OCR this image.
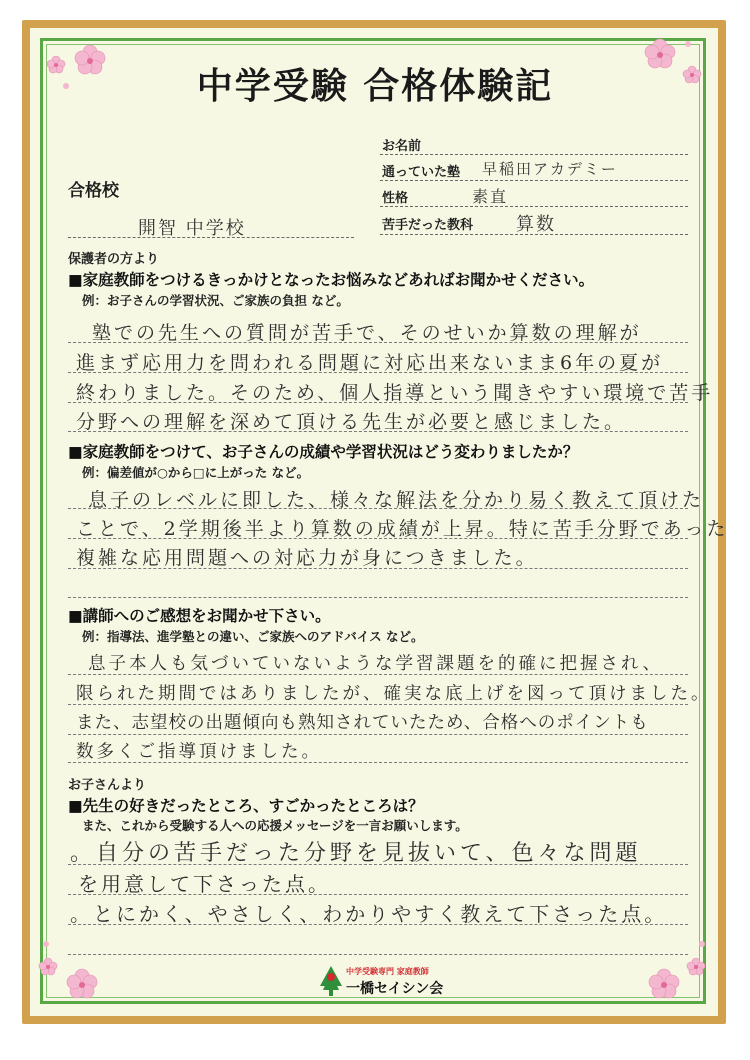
中学受験 合格体験記
合格校
開智 中学校
お名前
通っていた塾 早稲田アカデミー
性格	素直
苦手だった教科 算数
保護者の方より
■家庭教師をつけるきっかけとなったお悩みなどあればお聞かせください。
例：お子さんの学習状況、ご家族の負担 など。
塾での先生への質問が苦手で、そのせいか算数の理解が
進まず応用力を問われる問題に対応出来ないまま6年の夏が
終わりました。そのため、個人指導という聞きやすい環境で苦手
分野への理解を深めて頂ける先生が必要と感じました。
■家庭教師をつけて、お子さんの成績や学習状況はどう変わりましたか？
例：偏差値が○から□に上がった など。
息子のレベルに即した、様々な解法を分かり易く教えて頂けた
ことで、2学期後半より算数の成績が上昇。特に苦手分野であった
複雑な応用問題への対応力が身につきました。
■講師へのご感想をお聞かせ下さい。
例：指導法、進学塾との違い、ご家族へのアドバイス など。
息子本人も気づいていないような学習課題を的確に把握され、
限られた期間ではありましたが、確実な底上げを図って頂けました。
また、志望校の出題傾向も熟知されていたため、合格へのポイントも
数多くご指導頂けました。
お子さんより
■先生の好きだったところ、すごかったところは？
また、これから受験する人への応援メッセージを一言お願いします。
。自分の苦手だった分野を見抜いて、色々な問題
を用意して下さった点。
。とにかく、やさしく、わかりやすく教えて下さった点。
中学受験専門 家庭教師
一橋セイシン会
